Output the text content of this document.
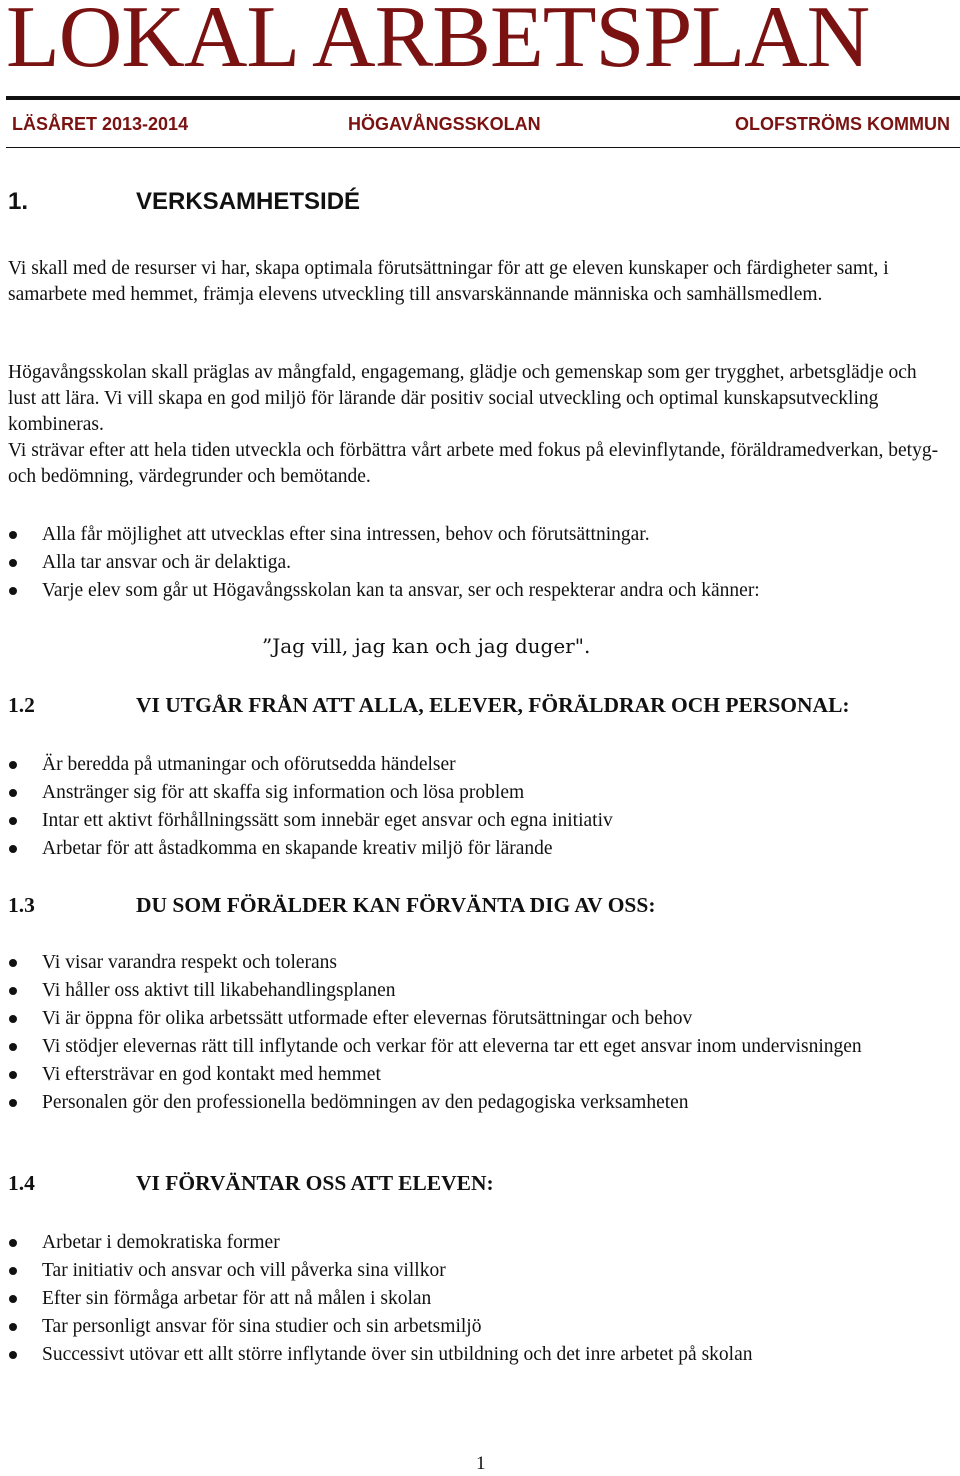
LOKAL ARBETSPLAN
LÄSÅRET 2013-2014	HÖGAVÅNGSSKOLAN	OLOFSTRÖMS KOMMUN
1.	VERKSAMHETSIDÉ

Vi skall med de resurser vi har, skapa optimala förutsättningar för att ge eleven kunskaper och färdigheter samt, i samarbete med hemmet, främja elevens utveckling till ansvarskännande människa och samhällsmedlem.

Högavångsskolan skall präglas av mångfald, engagemang, glädje och gemenskap som ger trygghet, arbetsglädje och lust att lära. Vi vill skapa en god miljö för lärande där positiv social utveckling och optimal kunskapsutveckling kombineras.

Vi strävar efter att hela tiden utveckla och förbättra vårt arbete med fokus på elevinflytande, föräldramedverkan, betyg- och bedömning, värdegrunder och bemötande.

Alla får möjlighet att utvecklas efter sina intressen, behov och förutsättningar.
Alla tar ansvar och är delaktiga.
Varje elev som går ut Högavångsskolan kan ta ansvar, ser och respekterar andra och känner:
”Jag vill, jag kan och jag duger".
1.2	VI UTGÅR FRÅN ATT ALLA, ELEVER, FÖRÄLDRAR OCH PERSONAL:
Är beredda på utmaningar och oförutsedda händelser
Anstränger sig för att skaffa sig information och lösa problem
Intar ett aktivt förhållningssätt som innebär eget ansvar och egna initiativ
Arbetar för att åstadkomma en skapande kreativ miljö för lärande
1.3	DU SOM FÖRÄLDER KAN FÖRVÄNTA DIG AV OSS:
Vi visar varandra respekt och tolerans
Vi håller oss aktivt till likabehandlingsplanen
Vi är öppna för olika arbetssätt utformade efter elevernas förutsättningar och behov
Vi stödjer elevernas rätt till inflytande och verkar för att eleverna tar ett eget ansvar inom undervisningen
Vi eftersträvar en god kontakt med hemmet
Personalen gör den professionella bedömningen av den pedagogiska verksamheten
1.4	VI FÖRVÄNTAR OSS ATT ELEVEN:
Arbetar i demokratiska former
Tar initiativ och ansvar och vill påverka sina villkor
Efter sin förmåga arbetar för att nå målen i skolan
Tar personligt ansvar för sina studier och sin arbetsmiljö
Successivt utövar ett allt större inflytande över sin utbildning och det inre arbetet på skolan
1
